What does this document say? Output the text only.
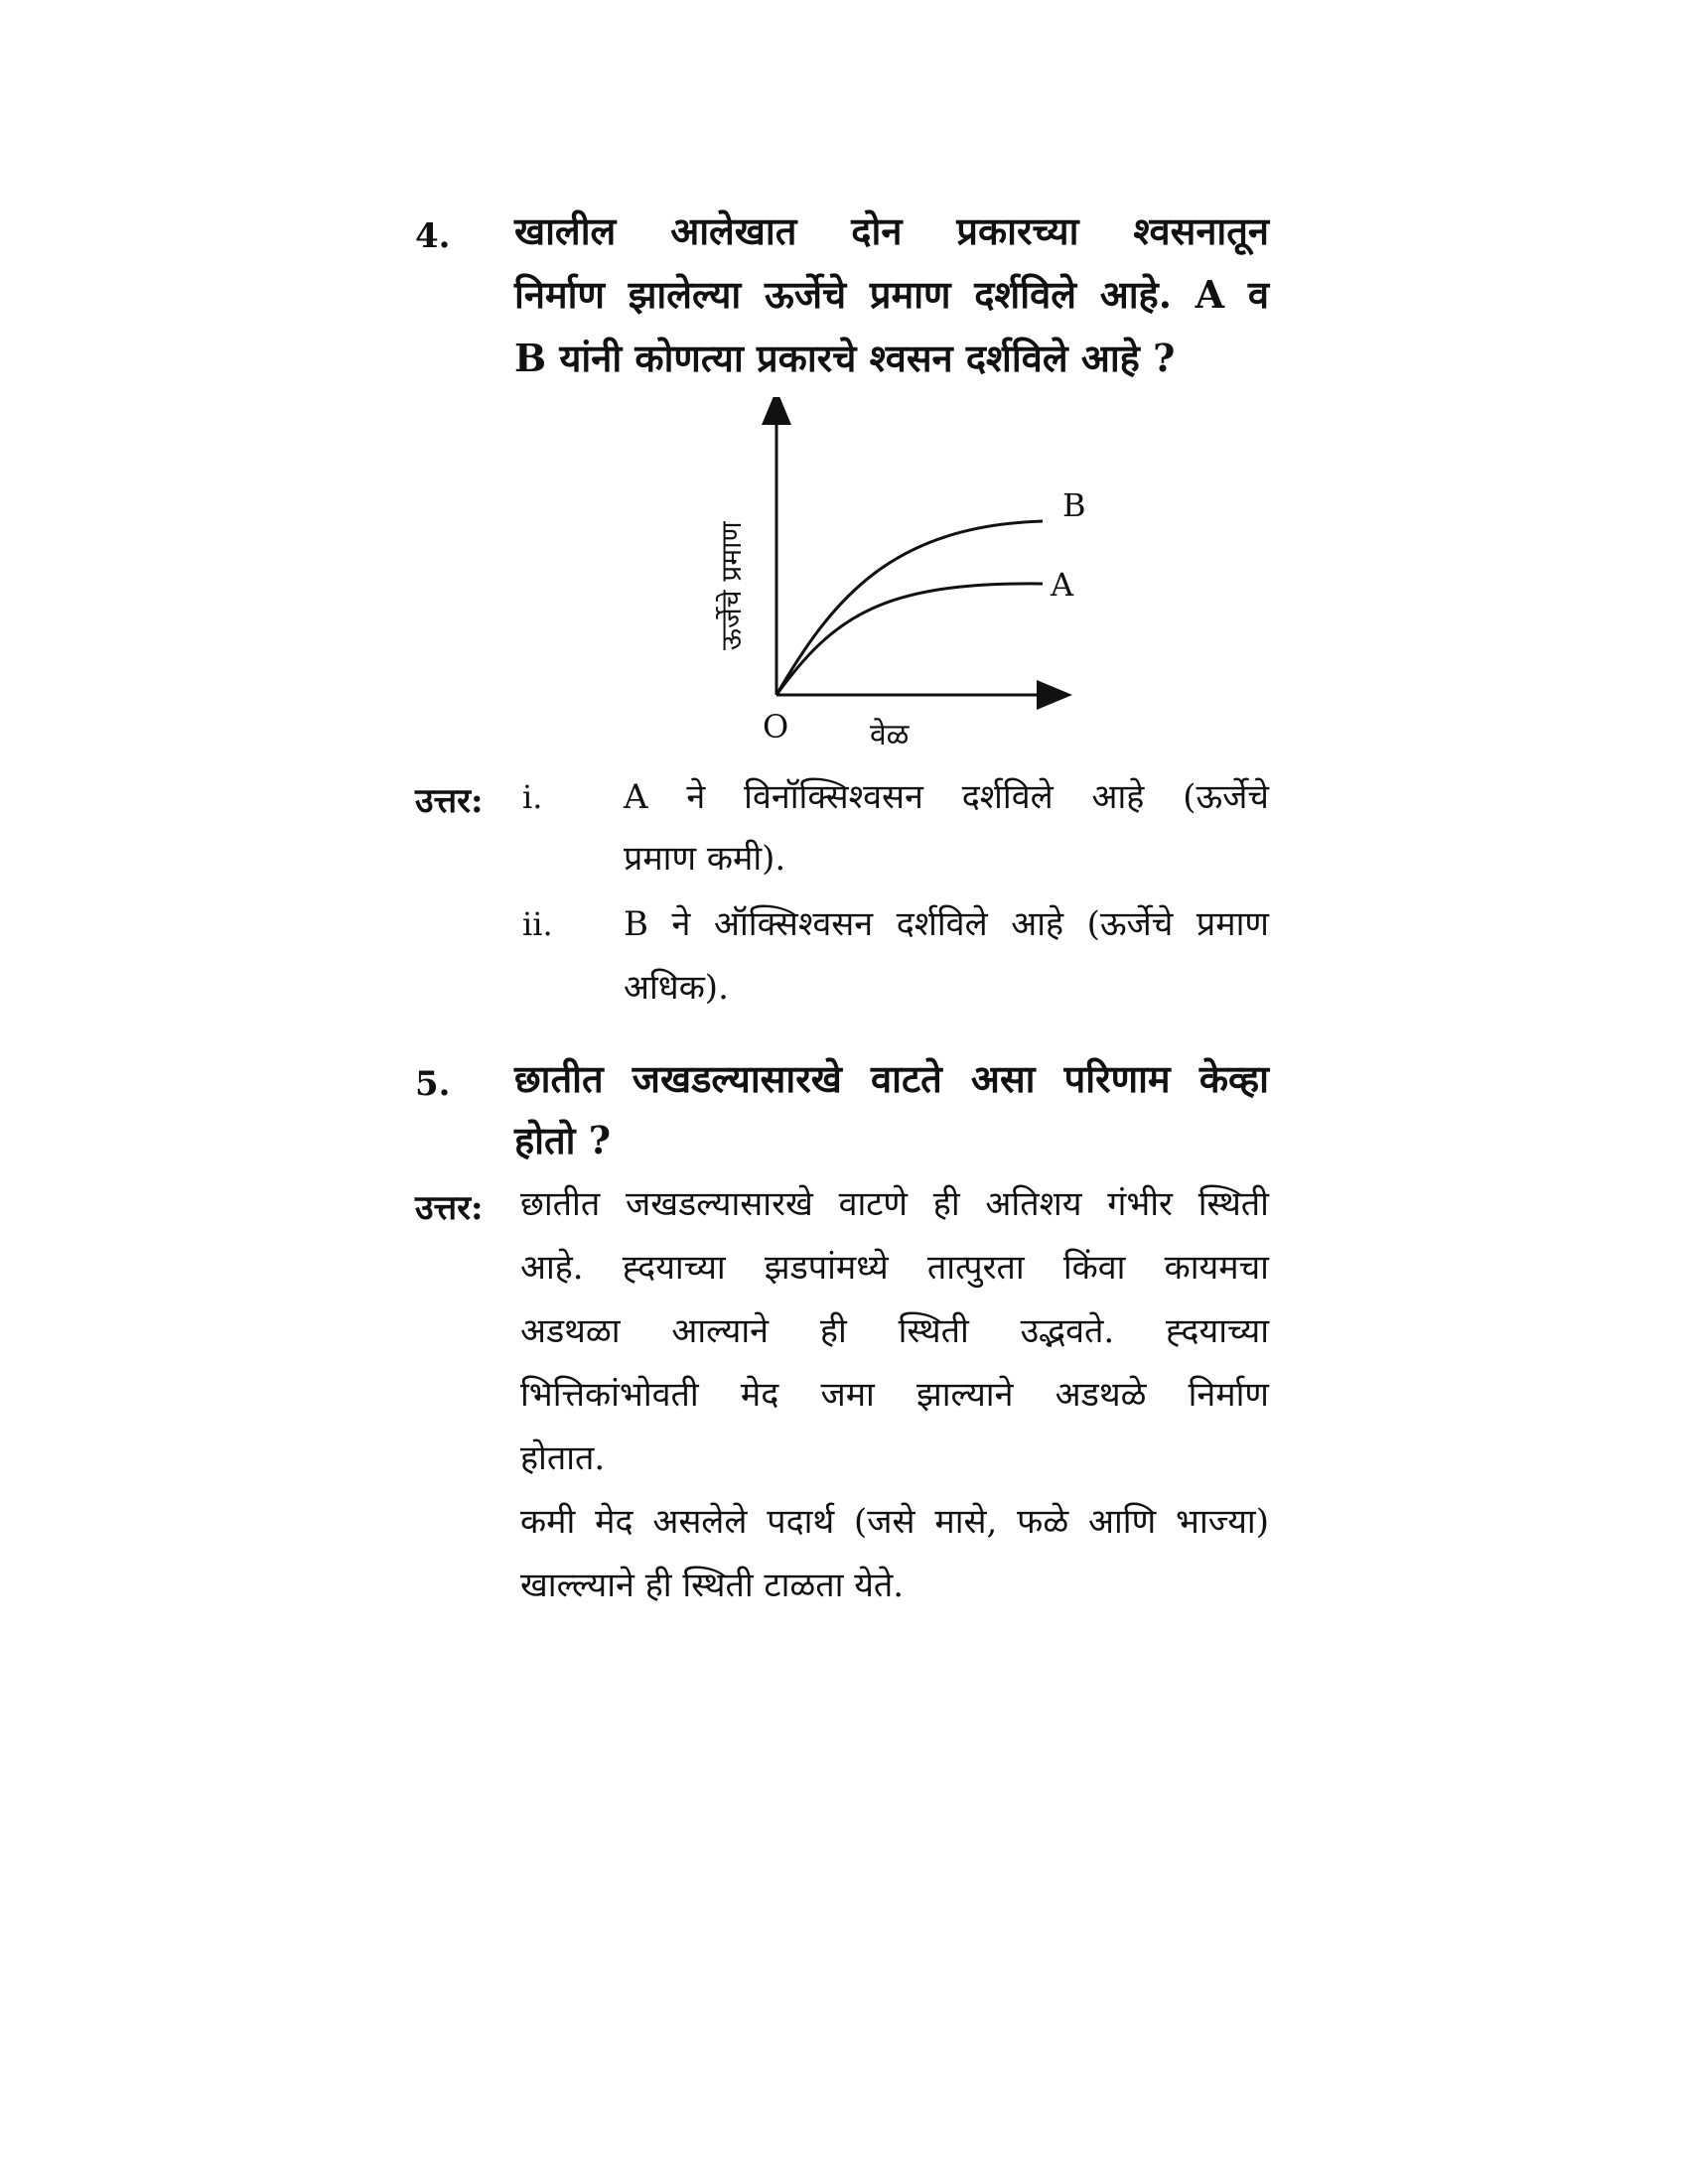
4. खालील आलेखात दोन प्रकारच्या श्वसनातून
निर्माण झालेल्या ऊर्जेचे प्रमाण दर्शविले आहे. A व
B यांनी कोणत्या प्रकारचे श्वसन दर्शविले आहे ?
B
A
O	वेळ
ऊर्जेचे प्रमाण
उत्तर: i. A ने विनॉक्सिश्वसन दर्शविले आहे (ऊर्जेचे
प्रमाण कमी).
ii. B ने ऑक्सिश्वसन दर्शविले आहे (ऊर्जेचे प्रमाण
अधिक).
5. छातीत जखडल्यासारखे वाटते असा परिणाम केव्हा
होतो ?
उत्तर: छातीत जखडल्यासारखे वाटणे ही अतिशय गंभीर स्थिती
आहे. ह्दयाच्या झडपांमध्ये तात्पुरता किंवा कायमचा
अडथळा आल्याने ही स्थिती उद्भवते. ह्दयाच्या
भित्तिकांभोवती मेद जमा झाल्याने अडथळे निर्माण
होतात.
कमी मेद असलेले पदार्थ (जसे मासे, फळे आणि भाज्या)
खाल्ल्याने ही स्थिती टाळता येते.
